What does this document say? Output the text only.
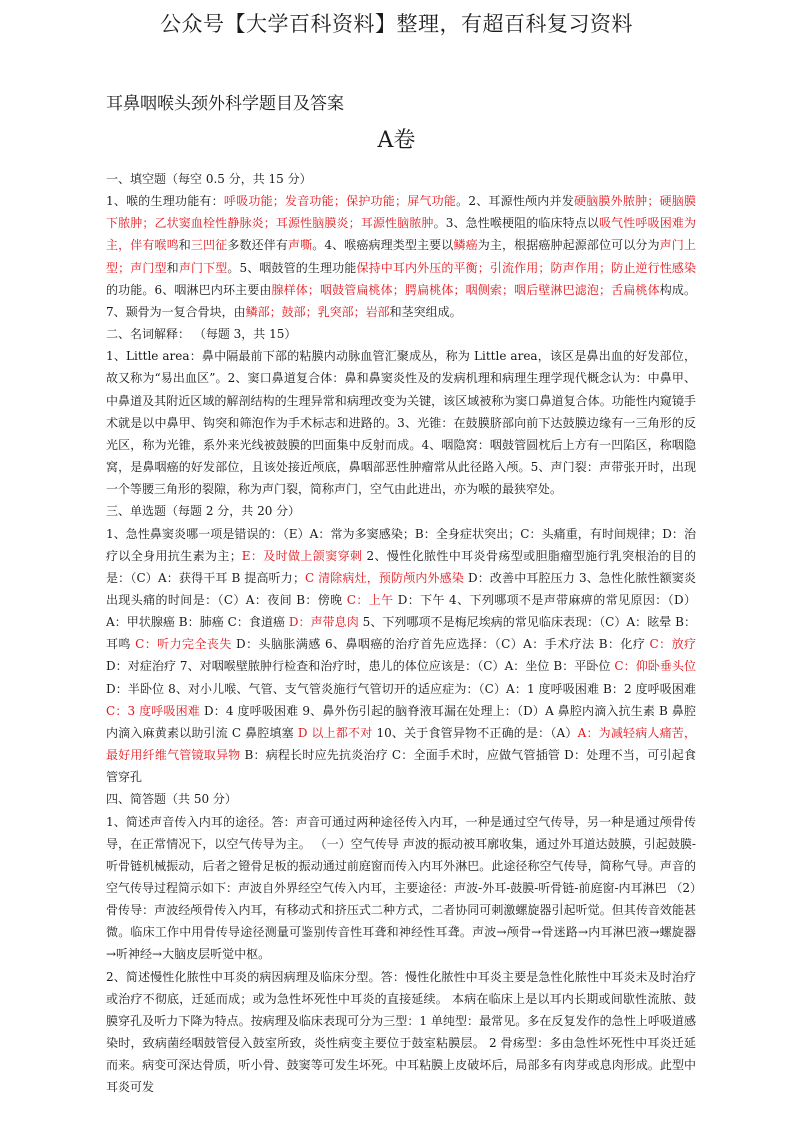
公众号【大学百科资料】整理，有超百科复习资料
耳鼻咽喉头颈外科学题目及答案
A卷

一、填空题（每空 0.5 分，共 15 分）

1、喉的生理功能有：呼吸功能；发音功能；保护功能；屏气功能。2、耳源性颅内并发硬脑膜外脓肿；硬脑膜下脓肿；乙状窦血栓性静脉炎；耳源性脑膜炎；耳源性脑脓肿。3、急性喉梗阻的临床特点以吸气性呼吸困难为主，伴有喉鸣和三凹征多数还伴有声嘶。4、喉癌病理类型主要以鳞癌为主，根据癌肿起源部位可以分为声门上型；声门型和声门下型。5、咽鼓管的生理功能保持中耳内外压的平衡；引流作用；防声作用；防止逆行性感染的功能。6、咽淋巴内环主要由腺样体；咽鼓管扁桃体；腭扁桃体；咽侧索；咽后壁淋巴滤泡；舌扁桃体构成。7、颞骨为一复合骨块，由鳞部；鼓部；乳突部；岩部和茎突组成。

二、名词解释： （每题 3，共 15）

1、Little area：鼻中隔最前下部的粘膜内动脉血管汇聚成丛，称为 Little area，该区是鼻出血的好发部位，故又称为“易出血区”。2、窦口鼻道复合体：鼻和鼻窦炎性及的发病机理和病理生理学现代概念认为：中鼻甲、中鼻道及其附近区域的解剖结构的生理异常和病理改变为关键，该区域被称为窦口鼻道复合体。功能性内窥镜手术就是以中鼻甲、钩突和筛泡作为手术标志和进路的。3、光锥：在鼓膜脐部向前下达鼓膜边缘有一三角形的反光区，称为光锥，系外来光线被鼓膜的凹面集中反射而成。4、咽隐窝：咽鼓管圆枕后上方有一凹陷区，称咽隐窝，是鼻咽癌的好发部位，且该处接近颅底，鼻咽部恶性肿瘤常从此径路入颅。5、声门裂：声带张开时，出现一个等腰三角形的裂隙，称为声门裂，简称声门，空气由此进出，亦为喉的最狭窄处。

三、单选题（每题 2 分，共 20 分）

1、急性鼻窦炎哪一项是错误的：（E）A：常为多窦感染；B：全身症状突出；C：头痛重，有时间规律；D：治疗以全身用抗生素为主；E：及时做上颌窦穿刺 2、慢性化脓性中耳炎骨疡型或胆脂瘤型施行乳突根治的目的是：（C）A：获得干耳 B 提高听力；C 清除病灶，预防颅内外感染 D：改善中耳腔压力 3、急性化脓性额窦炎出现头痛的时间是：（C）A：夜间 B：傍晚 C：上午 D：下午 4、下列哪项不是声带麻痹的常见原因：（D）A：甲状腺癌 B：肺癌 C：食道癌 D：声带息肉 5、下列哪项不是梅尼埃病的常见临床表现：（C）A：眩晕 B：耳鸣 C：听力完全丧失 D：头脑胀满感 6、鼻咽癌的治疗首先应选择：（C）A：手术疗法 B：化疗 C：放疗 D：对症治疗 7、对咽喉壁脓肿行检查和治疗时，患儿的体位应该是：（C）A：坐位 B：平卧位 C：仰卧垂头位 D：半卧位 8、对小儿喉、气管、支气管炎施行气管切开的适应症为：（C）A：1 度呼吸困难 B：2 度呼吸困难 C：3 度呼吸困难 D：4 度呼吸困难 9、鼻外伤引起的脑脊液耳漏在处理上：（D）A 鼻腔内滴入抗生素 B 鼻腔内滴入麻黄素以助引流 C 鼻腔填塞 D 以上都不对 10、关于食管异物不正确的是：（A）A：为减轻病人痛苦，最好用纤维气管镜取异物 B：病程长时应先抗炎治疗 C：全面手术时，应做气管插管 D：处理不当，可引起食管穿孔

四、简答题（共 50 分）

1、简述声音传入内耳的途径。答：声音可通过两种途径传入内耳，一种是通过空气传导，另一种是通过颅骨传导，在正常情况下，以空气传导为主。 （一）空气传导 声波的振动被耳廓收集，通过外耳道达鼓膜，引起鼓膜-听骨链机械振动，后者之镫骨足板的振动通过前庭窗而传入内耳外淋巴。此途径称空气传导，简称气导。声音的空气传导过程简示如下：声波自外界经空气传入内耳，主要途径：声波-外耳-鼓膜-听骨链-前庭窗-内耳淋巴 （2）骨传导：声波经颅骨传入内耳，有移动式和挤压式二种方式，二者协同可刺激螺旋器引起听觉。但其传音效能甚微。临床工作中用骨传导途径测量可鉴别传音性耳聋和神经性耳聋。声波→颅骨→骨迷路→内耳淋巴液→螺旋器→听神经→大脑皮层听觉中枢。

2、简述慢性化脓性中耳炎的病因病理及临床分型。答：慢性化脓性中耳炎主要是急性化脓性中耳炎未及时治疗或治疗不彻底，迁延而成；或为急性坏死性中耳炎的直接延续。 本病在临床上是以耳内长期或间歇性流脓、鼓膜穿孔及听力下降为特点。按病理及临床表现可分为三型：1 单纯型：最常见。多在反复发作的急性上呼吸道感染时，致病菌经咽鼓管侵入鼓室所致，炎性病变主要位于鼓室粘膜层。 2 骨疡型：多由急性坏死性中耳炎迁延而来。病变可深达骨质，听小骨、鼓窦等可发生坏死。中耳粘膜上皮破坏后，局部多有肉芽或息肉形成。此型中耳炎可发
